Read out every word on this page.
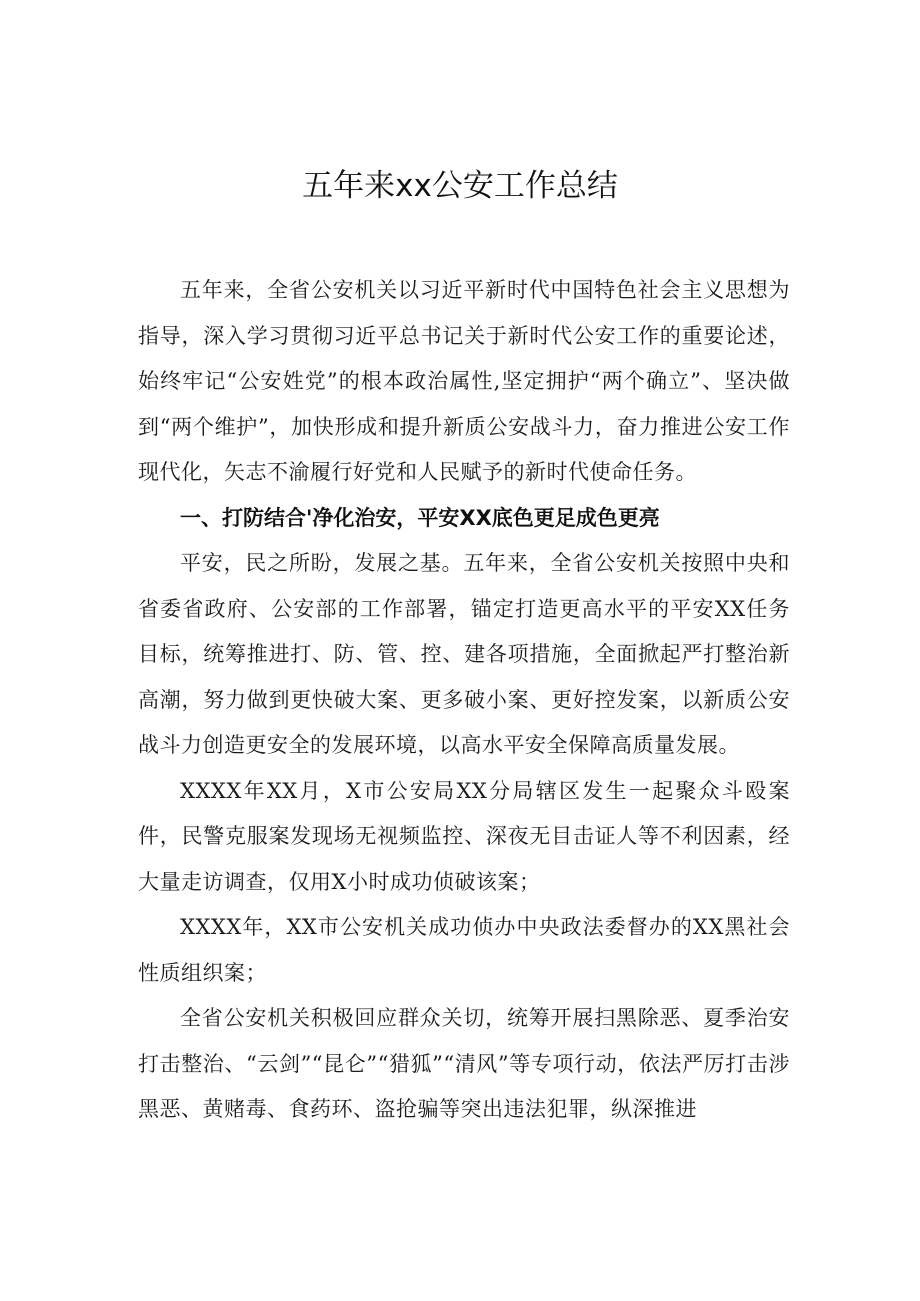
五年来xx公安工作总结

五年来，全省公安机关以习近平新时代中国特色社会主义思想为指导，深入学习贯彻习近平总书记关于新时代公安工作的重要论述，始终牢记“公安姓党”的根本政治属性,坚定拥护“两个确立”、坚决做到“两个维护”，加快形成和提升新质公安战斗力，奋力推进公安工作现代化，矢志不渝履行好党和人民赋予的新时代使命任务。

一、打防结合'净化治安，平安XX底色更足成色更亮

平安，民之所盼，发展之基。五年来，全省公安机关按照中央和省委省政府、公安部的工作部署，锚定打造更高水平的平安XX任务目标，统筹推进打、防、管、控、建各项措施，全面掀起严打整治新高潮，努力做到更快破大案、更多破小案、更好控发案，以新质公安战斗力创造更安全的发展环境，以高水平安全保障高质量发展。

XXXX年XX月，X市公安局XX分局辖区发生一起聚众斗殴案件，民警克服案发现场无视频监控、深夜无目击证人等不利因素，经大量走访调查，仅用X小时成功侦破该案；

XXXX年，XX市公安机关成功侦办中央政法委督办的XX黑社会性质组织案；

全省公安机关积极回应群众关切，统筹开展扫黑除恶、夏季治安打击整治、“云剑”“昆仑”“猎狐”“清风”等专项行动，依法严厉打击涉黑恶、黄赌毒、食药环、盗抢骗等突出违法犯罪，纵深推进
